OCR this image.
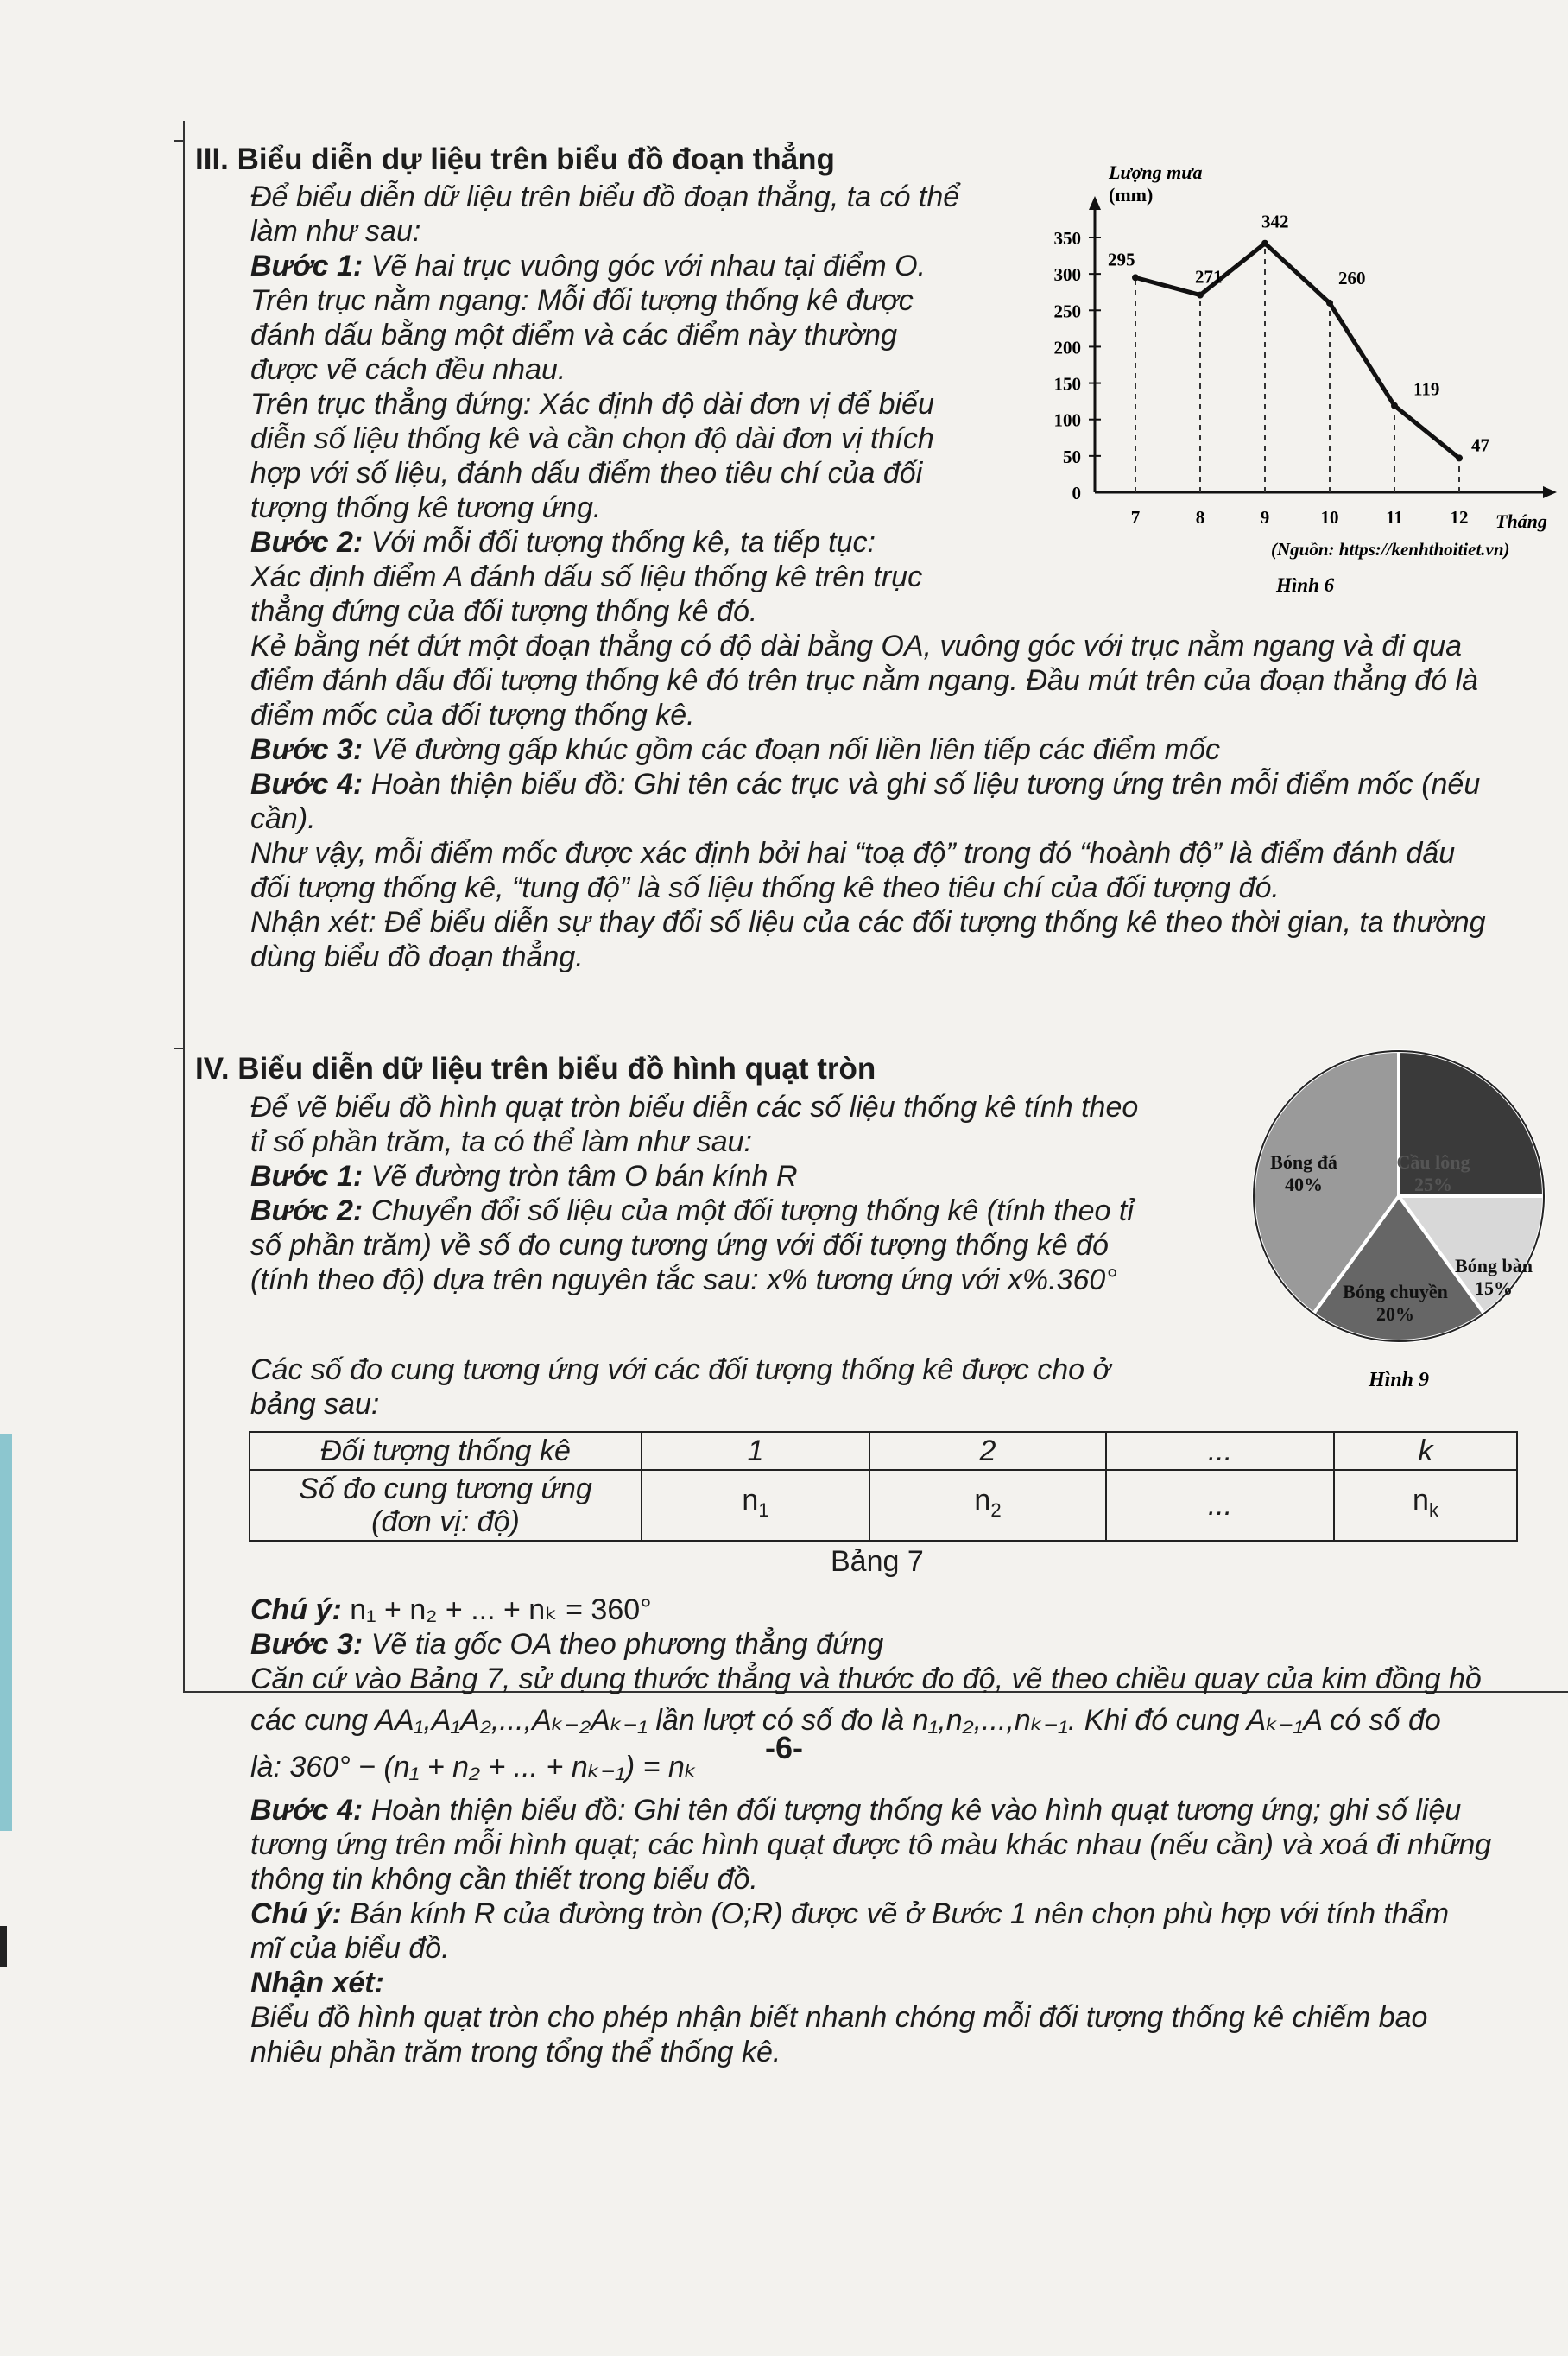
III. Biểu diễn dự liệu trên biểu đồ đoạn thẳng
Để biểu diễn dữ liệu trên biểu đồ đoạn thẳng, ta có thể
làm như sau:
Bước 1: Vẽ hai trục vuông góc với nhau tại điểm O.
Trên trục nằm ngang: Mỗi đối tượng thống kê được
đánh dấu bằng một điểm và các điểm này thường
được vẽ cách đều nhau.
Trên trục thẳng đứng: Xác định độ dài đơn vị để biểu
diễn số liệu thống kê và cần chọn độ dài đơn vị thích
hợp với số liệu, đánh dấu điểm theo tiêu chí của đối
tượng thống kê tương ứng.
Bước 2: Với mỗi đối tượng thống kê, ta tiếp tục:
Xác định điểm A đánh dấu số liệu thống kê trên trục
thẳng đứng của đối tượng thống kê đó.
Kẻ bằng nét đứt một đoạn thẳng có độ dài bằng OA, vuông góc với trục nằm ngang và đi qua
điểm đánh dấu đối tượng thống kê đó trên trục nằm ngang. Đầu mút trên của đoạn thẳng đó là
điểm mốc của đối tượng thống kê.
Bước 3: Vẽ đường gấp khúc gồm các đoạn nối liền liên tiếp các điểm mốc
Bước 4: Hoàn thiện biểu đồ: Ghi tên các trục và ghi số liệu tương ứng trên mỗi điểm mốc (nếu
cần).
Như vậy, mỗi điểm mốc được xác định bởi hai “toạ độ” trong đó “hoành độ” là điểm đánh dấu
đối tượng thống kê, “tung độ” là số liệu thống kê theo tiêu chí của đối tượng đó.
Nhận xét: Để biểu diễn sự thay đổi số liệu của các đối tượng thống kê theo thời gian, ta thường
dùng biểu đồ đoạn thẳng.
Lượng mưa
(mm)
0
50
100
150
200
250
300
350
7	8	9	10	11	12
295
271
342
260
119
47
Tháng
(Nguồn: https://kenhthoitiet.vn)
Hình 6
IV. Biểu diễn dữ liệu trên biểu đồ hình quạt tròn
Để vẽ biểu đồ hình quạt tròn biểu diễn các số liệu thống kê tính theo
tỉ số phần trăm, ta có thể làm như sau:
Bước 1: Vẽ đường tròn tâm O bán kính R
Bước 2: Chuyển đổi số liệu của một đối tượng thống kê (tính theo tỉ
số phần trăm) về số đo cung tương ứng với đối tượng thống kê đó
(tính theo độ) dựa trên nguyên tắc sau: x% tương ứng với x%.360°
Các số đo cung tương ứng với các đối tượng thống kê được cho ở
bảng sau:
Cầu lông
25%
Bóng bàn
15%
Bóng chuyền
20%
Bóng đá
40%
Hình 9
Đối tượng thống kê	1	2	...	k

Số đo cung tương ứng
(đơn vị: độ)	$n_1$	$n_2$	...	$n_k$
Bảng 7
Chú ý: n₁ + n₂ + ... + nₖ = 360°
Bước 3: Vẽ tia gốc OA theo phương thẳng đứng
Căn cứ vào Bảng 7, sử dụng thước thẳng và thước đo độ, vẽ theo chiều quay của kim đồng hồ
các cung AA₁,A₁A₂,...,Aₖ₋₂Aₖ₋₁ lần lượt có số đo là n₁,n₂,...,nₖ₋₁. Khi đó cung Aₖ₋₁A có số đo
là: 360° − (n₁ + n₂ + ... + nₖ₋₁) = nₖ
Bước 4: Hoàn thiện biểu đồ: Ghi tên đối tượng thống kê vào hình quạt tương ứng; ghi số liệu
tương ứng trên mỗi hình quạt; các hình quạt được tô màu khác nhau (nếu cần) và xoá đi những
thông tin không cần thiết trong biểu đồ.
Chú ý: Bán kính R của đường tròn (O;R) được vẽ ở Bước 1 nên chọn phù hợp với tính thẩm
mĩ của biểu đồ.
Nhận xét:
Biểu đồ hình quạt tròn cho phép nhận biết nhanh chóng mỗi đối tượng thống kê chiếm bao
nhiêu phần trăm trong tổng thể thống kê.
-6-
